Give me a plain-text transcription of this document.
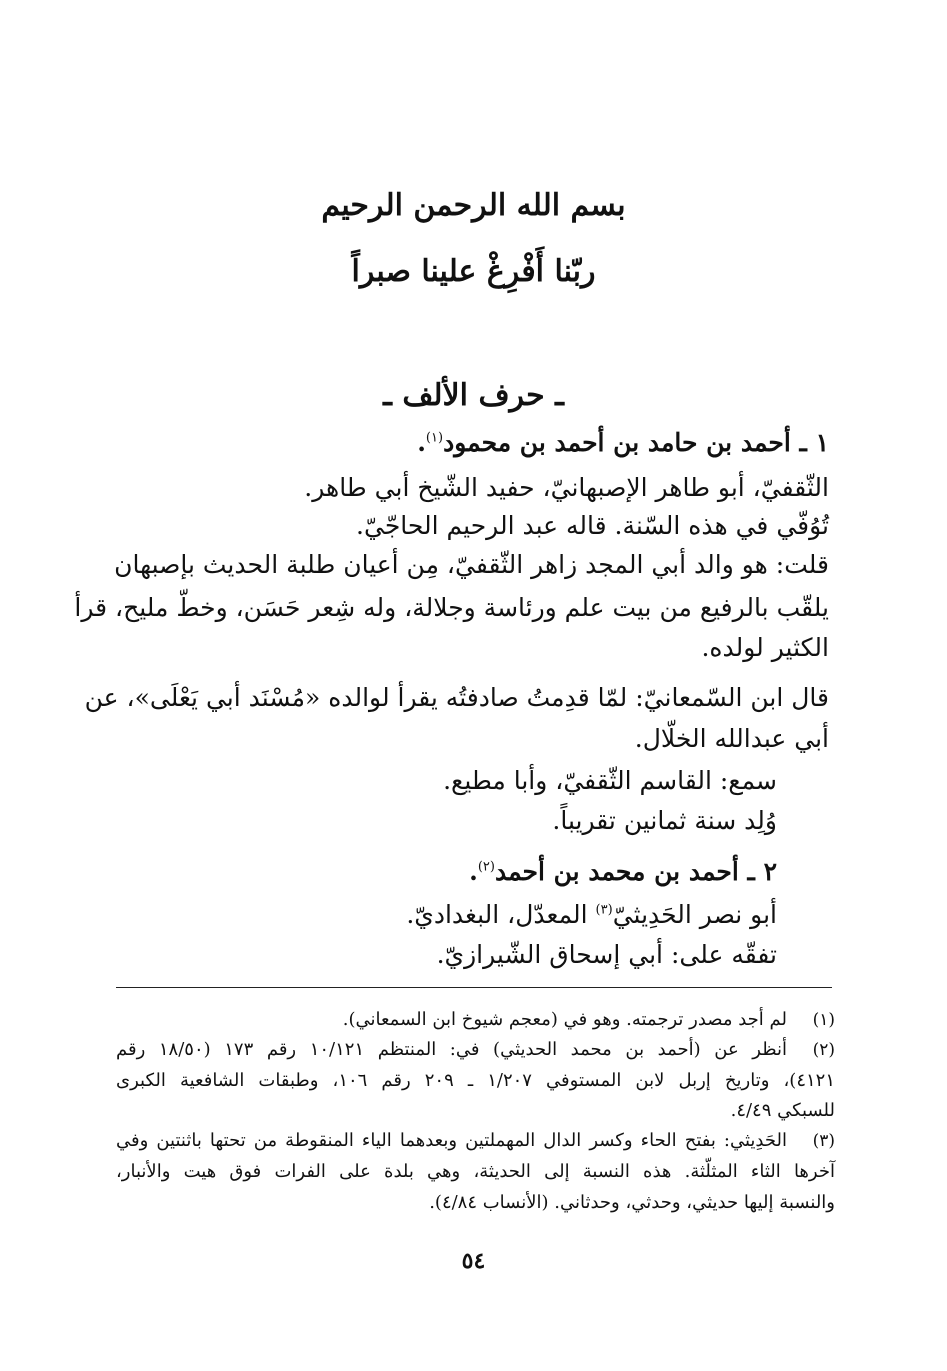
بسم الله الرحمن الرحيم
ربّنا أَفْرِغْ علينا صبراً
ـ حرف الألف ـ
١ ـ أحمد بن حامد بن أحمد بن محمود$^{(١)}$.
الثّقفيّ، أبو طاهر الإصبهانيّ، حفيد الشّيخ أبي طاهر.
تُوُفّي في هذه السّنة. قاله عبد الرحيم الحاجّيّ.
قلت: هو والد أبي المجد زاهر الثّقفيّ، مِن أعيان طلبة الحديث بإصبهان
يلقّب بالرفيع من بيت علم ورئاسة وجلالة، وله شِعر حَسَن، وخطّ مليح، قرأ
الكثير لولده.
قال ابن السّمعانيّ: لمّا قدِمتُ صادفتُه يقرأ لوالده «مُسْنَد أبي يَعْلَى»، عن
أبي عبدالله الخلّال.
سمع: القاسم الثّقفيّ، وأبا مطيع.
وُلِد سنة ثمانين تقريباً.
٢ ـ أحمد بن محمد بن أحمد$^{(٢)}$.
أبو نصر الحَدِيثيّ$^{(٣)}$ المعدّل، البغداديّ.
تفقّه على: أبي إسحاق الشّيرازيّ.
(١)
لم أجد مصدر ترجمته. وهو في (معجم شيوخ ابن السمعاني).
(٢)
أنظر عن (أحمد بن محمد الحديثي) في: المنتظم ١٠/١٢١ رقم ١٧٣ (١٨/٥٠ رقم
٤١٢١)، وتاريخ إربل لابن المستوفي ١/٢٠٧ ـ ٢٠٩ رقم ١٠٦، وطبقات الشافعية الكبرى
للسبكي ٤/٤٩.
(٣)
الحَدِيثي: بفتح الحاء وكسر الدال المهملتين وبعدهما الياء المنقوطة من تحتها باثنتين وفي
آخرها الثاء المثلّثة. هذه النسبة إلى الحديثة، وهي بلدة على الفرات فوق هيت والأنبار،
والنسبة إليها حديثي، وحدثي، وحدثاني. (الأنساب ٤/٨٤).
٥٤
